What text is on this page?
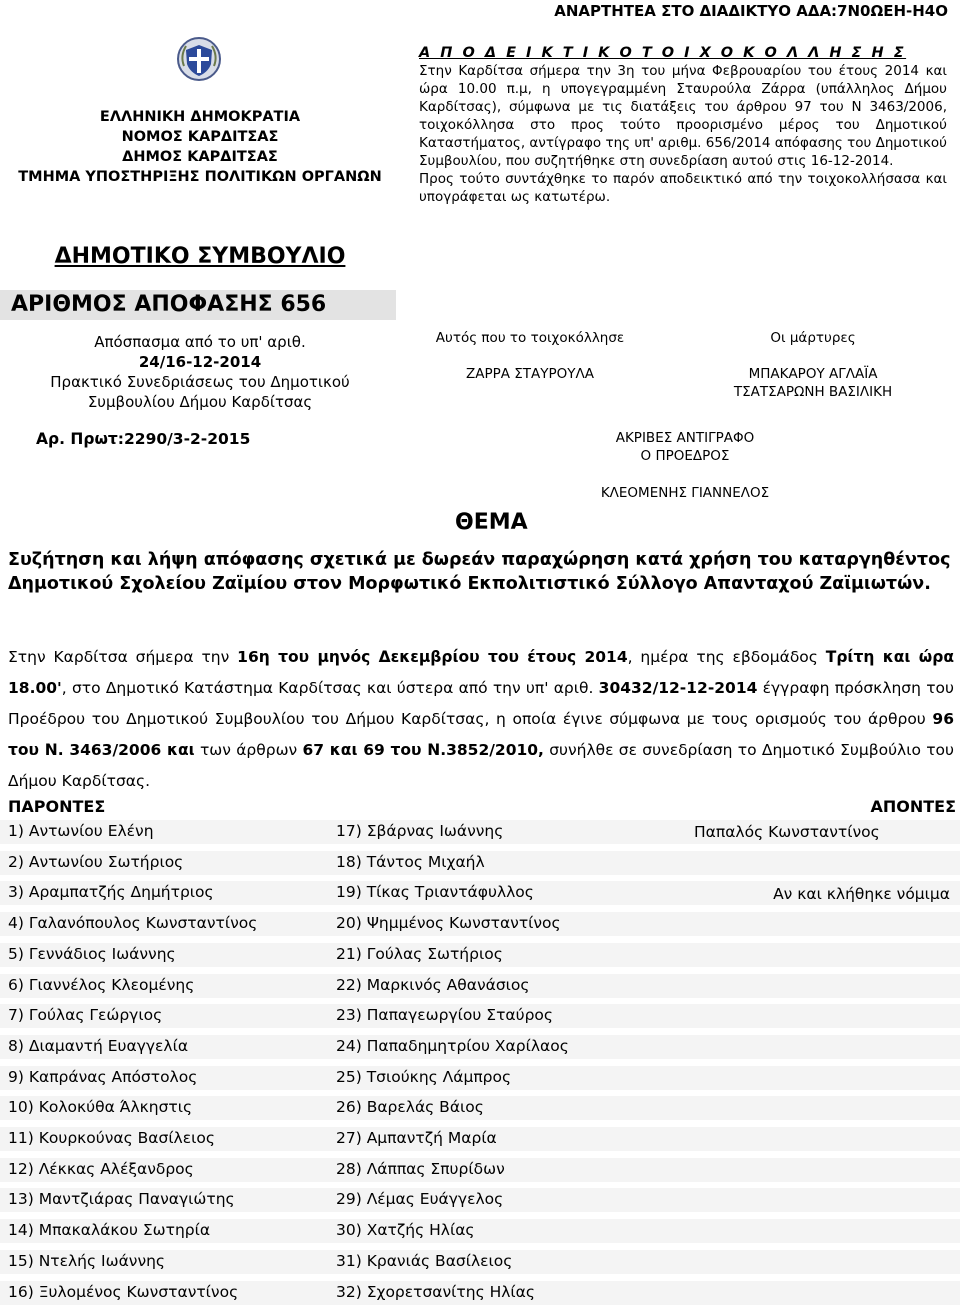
ΑΝΑΡΤΗΤΕΑ ΣΤΟ ΔΙΑΔΙΚΤΥΟ ΑΔΑ:7Ν0ΩΕΗ-Η4Ο
ΕΛΛΗΝΙΚΗ ΔΗΜΟΚΡΑΤΙΑ
ΝΟΜΟΣ ΚΑΡΔΙΤΣΑΣ
ΔΗΜΟΣ ΚΑΡΔΙΤΣΑΣ
ΤΜΗΜΑ ΥΠΟΣΤΗΡΙΞΗΣ ΠΟΛΙΤΙΚΩΝ ΟΡΓΑΝΩΝ
ΔΗΜΟΤΙΚΟ ΣΥΜΒΟΥΛΙΟ
ΑΡΙΘΜΟΣ ΑΠΟΦΑΣΗΣ 656
Απόσπασμα από το υπ' αριθ.
24/16-12-2014
Πρακτικό Συνεδριάσεως του Δημοτικού
Συμβουλίου Δήμου Καρδίτσας
Αρ. Πρωτ:2290/3-2-2015
Α Π Ο Δ Ε Ι Κ Τ Ι Κ Ο Τ Ο Ι Χ Ο Κ Ο Λ Λ Η Σ Η Σ
Στην Καρδίτσα σήμερα την 3η του μήνα Φεβρουαρίου του έτους 2014 και ώρα 10.00 π.μ, η υπογεγραμμένη Σταυρούλα Ζάρρα (υπάλληλος Δήμου Καρδίτσας), σύμφωνα με τις διατάξεις του άρθρου 97 του Ν 3463/2006, τοιχοκόλλησα στο προς τούτο προορισμένο μέρος του Δημοτικού Καταστήματος, αντίγραφο της υπ' αριθμ. 656/2014 απόφασης του Δημοτικού Συμβουλίου, που συζητήθηκε στη συνεδρίαση αυτού στις 16-12-2014.
Προς τούτο συντάχθηκε το παρόν αποδεικτικό από την τοιχοκολλήσασα και υπογράφεται ως κατωτέρω.
Αυτός που το τοιχοκόλλησε
ΖΑΡΡΑ ΣΤΑΥΡΟΥΛΑ
Οι μάρτυρες
ΜΠΑΚΑΡΟΥ ΑΓΛΑΪΑ
ΤΣΑΤΣΑΡΩΝΗ ΒΑΣΙΛΙΚΗ
ΑΚΡΙΒΕΣ ΑΝΤΙΓΡΑΦΟ
Ο ΠΡΟΕΔΡΟΣ
ΚΛΕΟΜΕΝΗΣ ΓΙΑΝΝΕΛΟΣ
ΘΕΜΑ
Συζήτηση και λήψη απόφασης σχετικά με δωρεάν παραχώρηση κατά χρήση του καταργηθέντος Δημοτικού Σχολείου Ζαϊμίου στον Μορφωτικό Εκπολιτιστικό Σύλλογο Απανταχού Ζαϊμιωτών.
Στην Καρδίτσα σήμερα την 16η του μηνός Δεκεμβρίου του έτους 2014, ημέρα της εβδομάδος Τρίτη και ώρα 18.00', στο Δημοτικό Κατάστημα Καρδίτσας και ύστερα από την υπ' αριθ. 30432/12-12-2014 έγγραφη πρόσκληση του Προέδρου του Δημοτικού Συμβουλίου του Δήμου Καρδίτσας, η οποία έγινε σύμφωνα με τους ορισμούς του άρθρου 96 του Ν. 3463/2006 και των άρθρων 67 και 69 του Ν.3852/2010, συνήλθε σε συνεδρίαση το Δημοτικό Συμβούλιο του Δήμου Καρδίτσας.
ΠΑΡΟΝΤΕΣ	ΑΠΟΝΤΕΣ
1) Αντωνίου Ελένη	17) Σβάρνας Ιωάννης
2) Αντωνίου Σωτήριος	18) Τάντος Μιχαήλ
3) Αραμπατζής Δημήτριος	19) Τίκας Τριαντάφυλλος
4) Γαλανόπουλος Κωνσταντίνος	20) Ψημμένος Κωνσταντίνος
5) Γεννάδιος Ιωάννης	21) Γούλας Σωτήριος
6) Γιαννέλος Κλεομένης	22) Μαρκινός Αθανάσιος
7) Γούλας Γεώργιος	23) Παπαγεωργίου Σταύρος
8) Διαμαντή Ευαγγελία	24) Παπαδημητρίου Χαρίλαος
9) Καπράνας Απόστολος	25) Τσιούκης Λάμπρος
10) Κολοκύθα Άλκηστις	26) Βαρελάς Βάιος
11) Κουρκούνας Βασίλειος	27) Αμπαντζή Μαρία
12) Λέκκας Αλέξανδρος	28) Λάππας Σπυρίδων
13) Μαντζιάρας Παναγιώτης	29) Λέμας Ευάγγελος
14) Μπακαλάκου Σωτηρία	30) Χατζής Ηλίας
15) Ντελής Ιωάννης	31) Κρανιάς Βασίλειος
16) Ξυλομένος Κωνσταντίνος	32) Σχορετσανίτης Ηλίας
Παπαλός Κωνσταντίνος
Αν και κλήθηκε νόμιμα
